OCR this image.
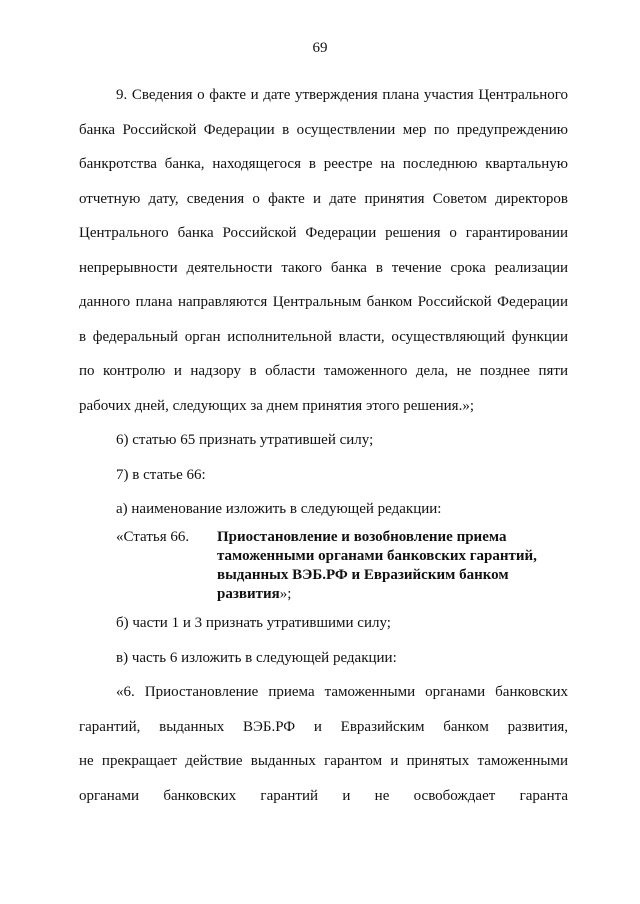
69
9. Сведения о факте и дате утверждения плана участия Центрального
банка Российской Федерации в осуществлении мер по предупреждению
банкротства банка, находящегося в реестре на последнюю квартальную
отчетную дату, сведения о факте и дате принятия Советом директоров
Центрального банка Российской Федерации решения о гарантировании
непрерывности деятельности такого банка в течение срока реализации
данного плана направляются Центральным банком Российской Федерации
в федеральный орган исполнительной власти, осуществляющий функции
по контролю и надзору в области таможенного дела, не позднее пяти
рабочих дней, следующих за днем принятия этого решения.»;
6) статью 65 признать утратившей силу;
7) в статье 66:
а) наименование изложить в следующей редакции:
«Статья 66. Приостановление и возобновление приема
таможенными органами банковских гарантий,
выданных ВЭБ.РФ и Евразийским банком
развития»;
б) части 1 и 3 признать утратившими силу;
в) часть 6 изложить в следующей редакции:
«6. Приостановление приема таможенными органами банковских
гарантий, выданных ВЭБ.РФ и Евразийским банком развития,
не прекращает действие выданных гарантом и принятых таможенными
органами банковских гарантий и не освобождает гаранта
